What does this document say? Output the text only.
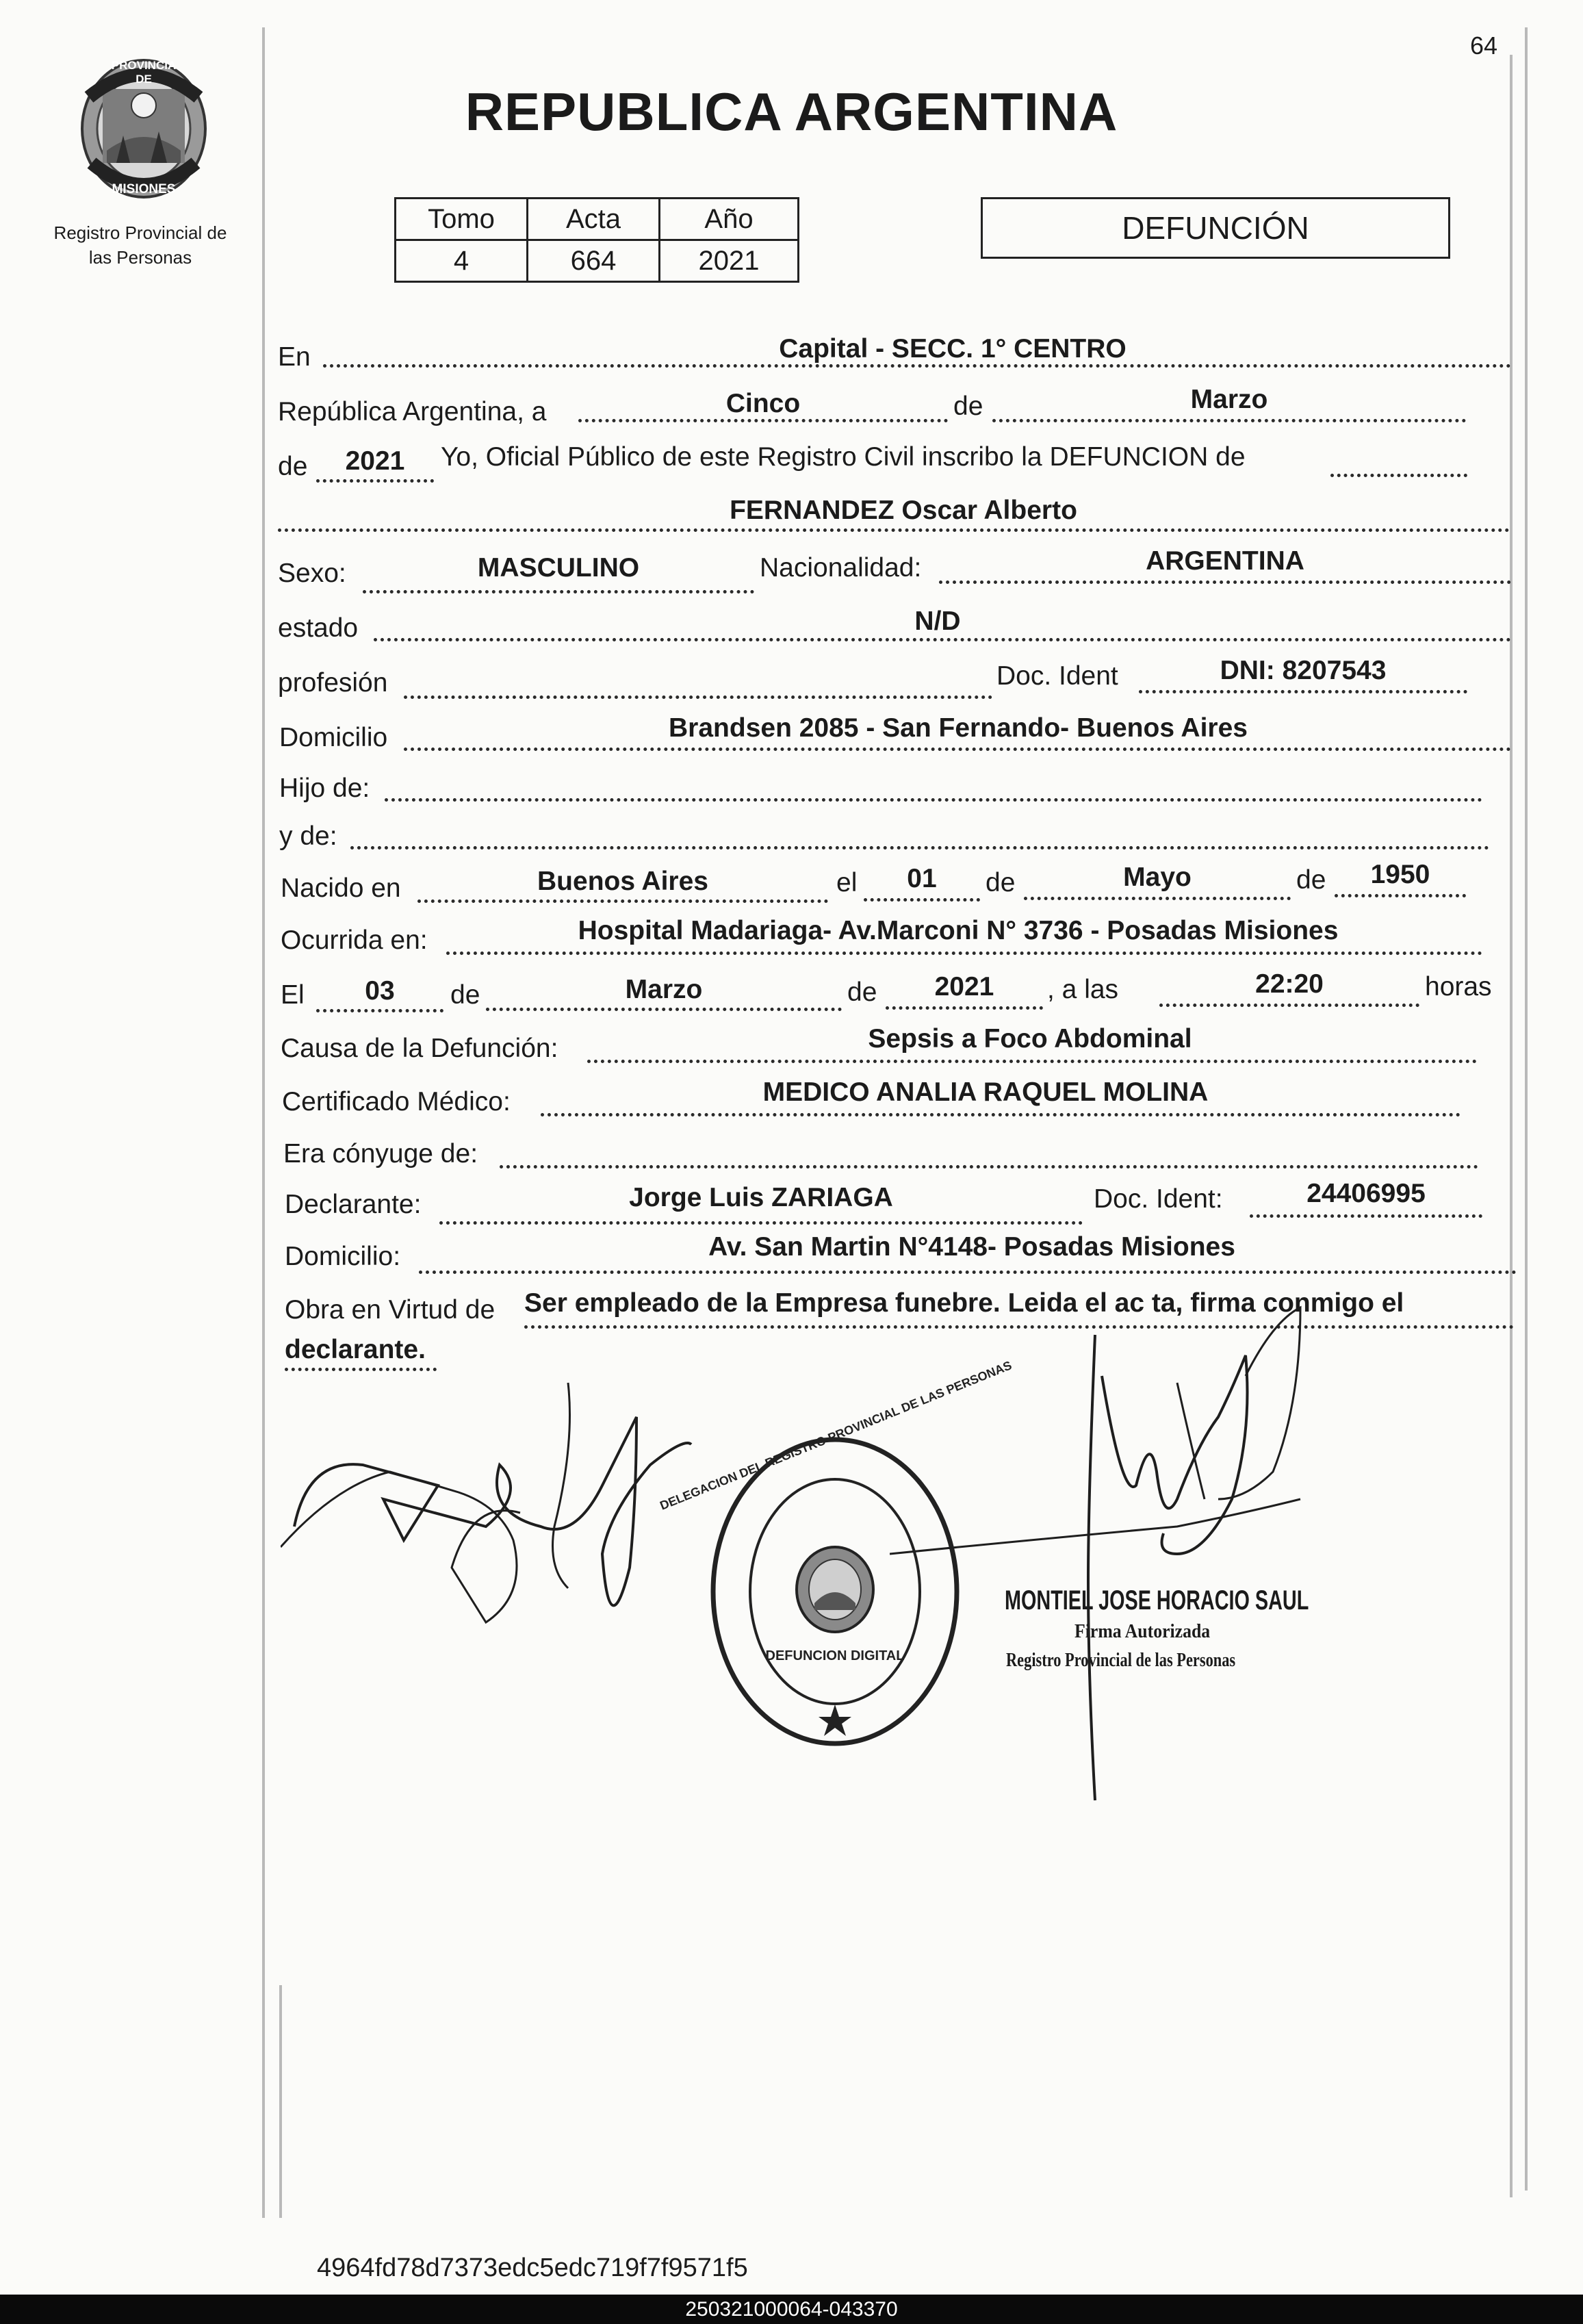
64
PROVINCIA DE
MISIONES
Registro Provincial de
las Personas
REPUBLICA ARGENTINA
Tomo	Acta	Año
4	664	2021
DEFUNCIÓN
En	Capital - SECC. 1° CENTRO
República Argentina, a	Cinco	de	Marzo
de	2021	Yo, Oficial Público de este Registro Civil inscribo la DEFUNCION de
FERNANDEZ Oscar Alberto
Sexo:	MASCULINO	Nacionalidad:	ARGENTINA
estado	N/D
profesión	Doc. Ident	DNI: 8207543
Domicilio	Brandsen 2085 - San Fernando- Buenos Aires
Hijo de:
y de:
Nacido en	Buenos Aires	el	01	de	Mayo	de	1950
Ocurrida en:	Hospital Madariaga- Av.Marconi N° 3736 - Posadas Misiones
El	03	de	Marzo	de	2021	, a las	22:20	horas
Causa de la Defunción:	Sepsis a Foco Abdominal
Certificado Médico:	MEDICO ANALIA RAQUEL MOLINA
Era cónyuge de:
Declarante:	Jorge Luis ZARIAGA	Doc. Ident:	24406995
Domicilio:	Av. San Martin N°4148- Posadas Misiones
Obra en Virtud de Ser empleado de la Empresa funebre. Leida el ac ta, firma conmigo el
declarante.
DELEGACION DEL REGISTRO PROVINCIAL DE LAS PERSONAS
DEFUNCION DIGITAL
MONTIEL JOSE HORACIO SAUL
Firma Autorizada
Registro Provincial de las Personas
4964fd78d7373edc5edc719f7f9571f5
250321000064-043370
